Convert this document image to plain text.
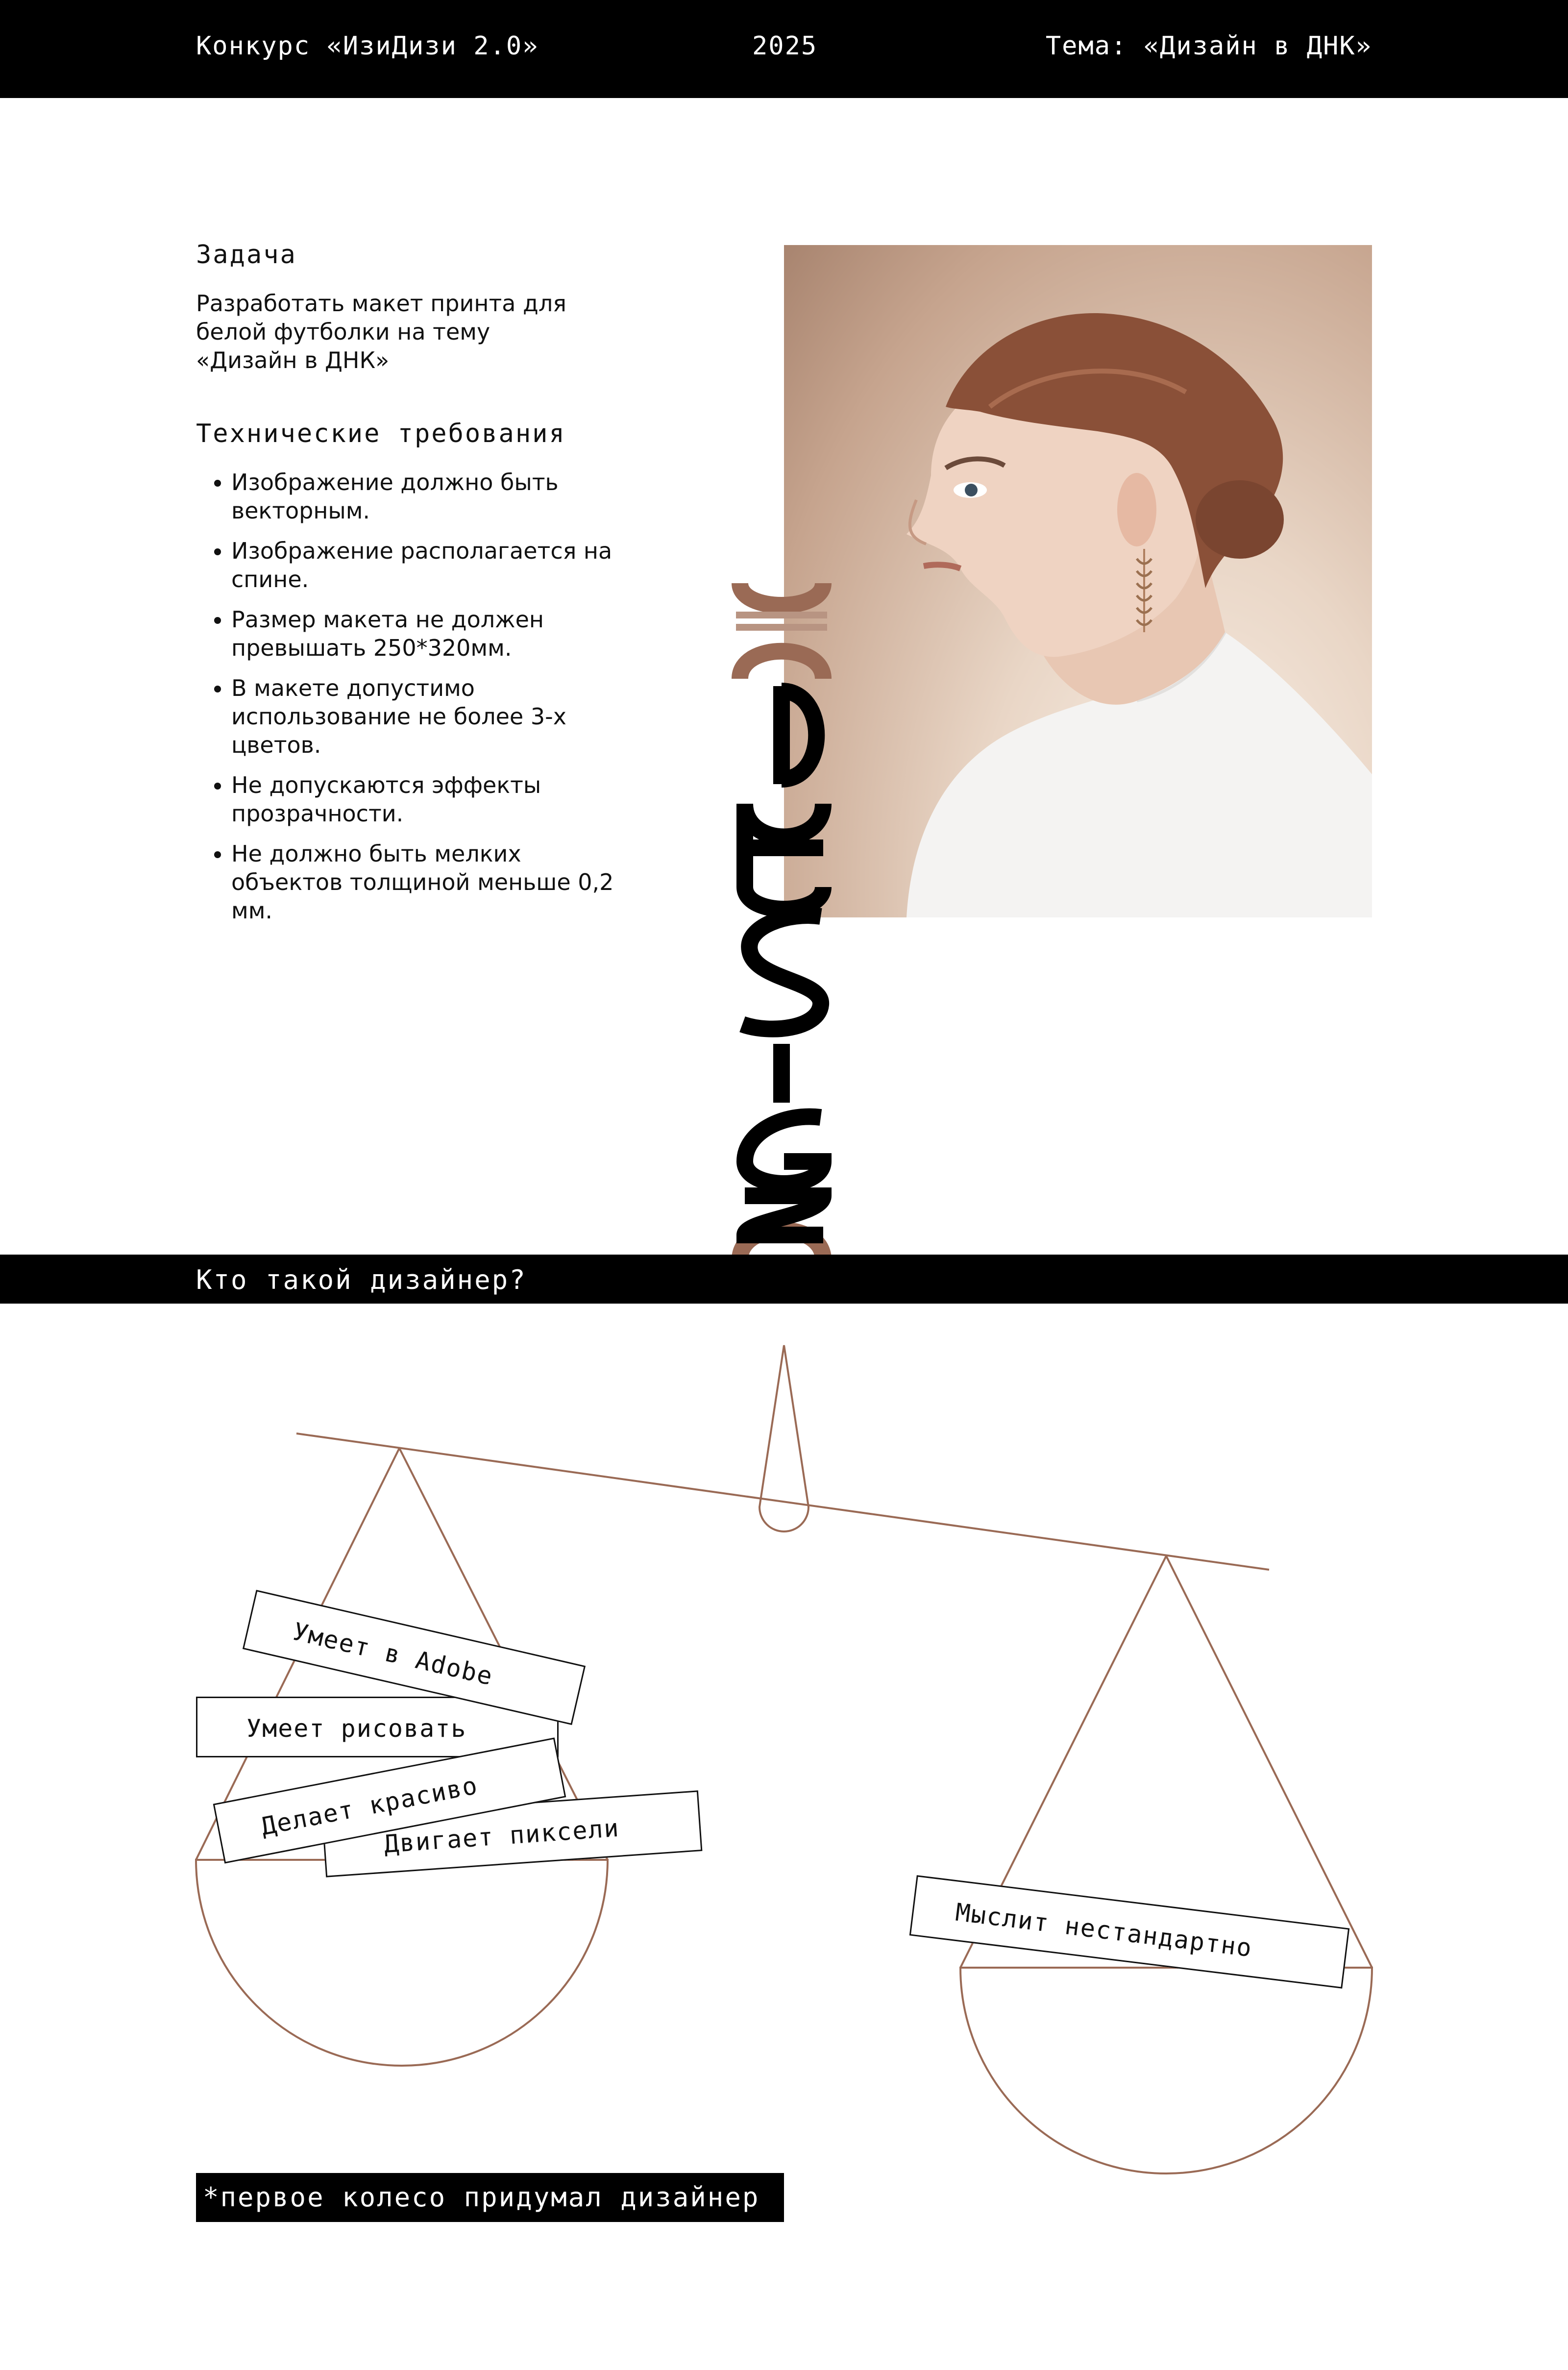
Конкурс «ИзиДизи 2.0»	2025	Тема: «Дизайн в ДНК»
Задача
Разработать макет принта для белой футболки на тему «Дизайн в ДНК»
Технические требования
• Изображение должно быть векторным.
• Изображение располагается на спине.
• Размер макета не должен превышать 250*320мм.
• В макете допустимо использование не более 3-х цветов.
• Не допускаются эффекты прозрачности.
• Не должно быть мелких объектов толщиной меньше 0,2 мм.
Кто такой дизайнер?
Умеет рисовать
Умеет в Adobe
Двигает пиксели
Делает красиво
Мыслит нестандартно
*первое колесо придумал дизайнер
